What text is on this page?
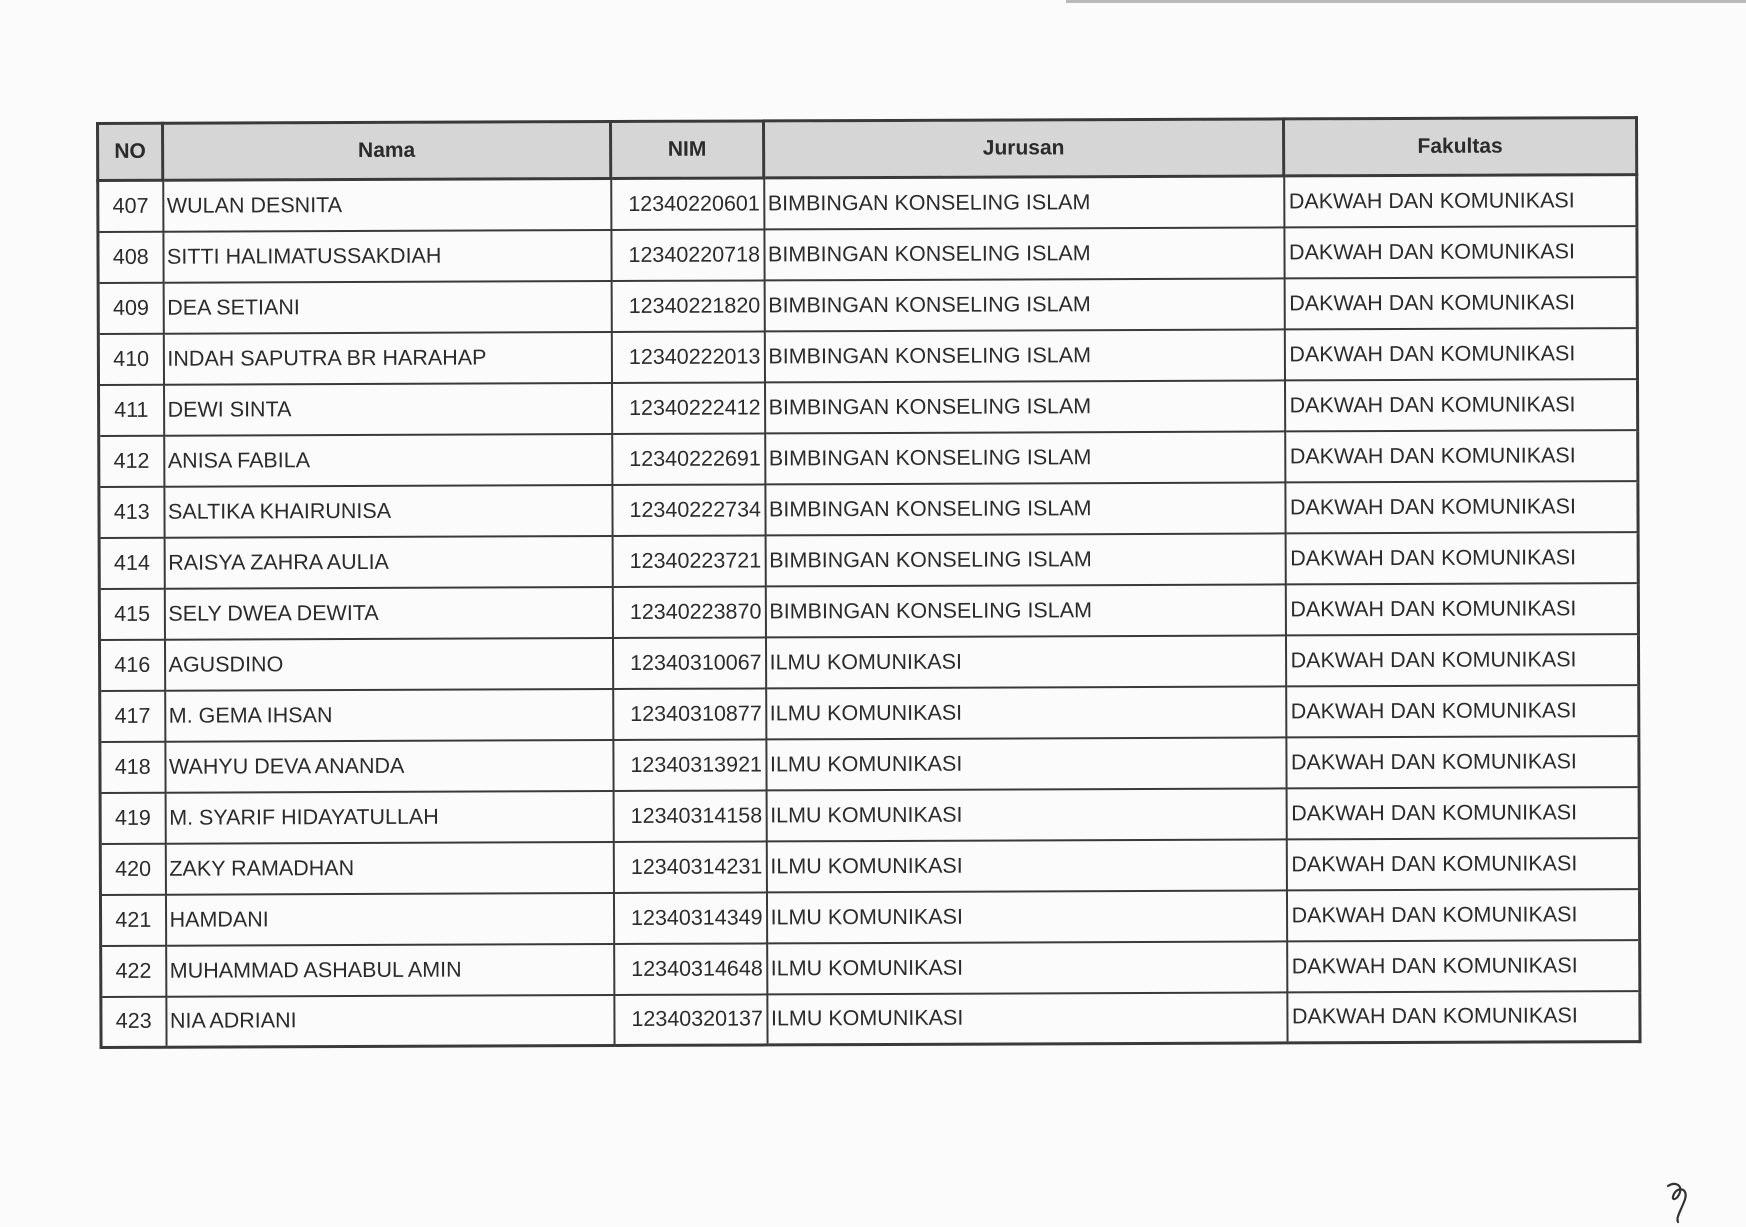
NO	Nama	NIM	Jurusan	Fakultas
407	WULAN DESNITA	12340220601	BIMBINGAN KONSELING ISLAM	DAKWAH DAN KOMUNIKASI
408	SITTI HALIMATUSSAKDIAH	12340220718	BIMBINGAN KONSELING ISLAM	DAKWAH DAN KOMUNIKASI
409	DEA SETIANI	12340221820	BIMBINGAN KONSELING ISLAM	DAKWAH DAN KOMUNIKASI
410	INDAH SAPUTRA BR HARAHAP	12340222013	BIMBINGAN KONSELING ISLAM	DAKWAH DAN KOMUNIKASI
411	DEWI SINTA	12340222412	BIMBINGAN KONSELING ISLAM	DAKWAH DAN KOMUNIKASI
412	ANISA FABILA	12340222691	BIMBINGAN KONSELING ISLAM	DAKWAH DAN KOMUNIKASI
413	SALTIKA KHAIRUNISA	12340222734	BIMBINGAN KONSELING ISLAM	DAKWAH DAN KOMUNIKASI
414	RAISYA ZAHRA AULIA	12340223721	BIMBINGAN KONSELING ISLAM	DAKWAH DAN KOMUNIKASI
415	SELY DWEA DEWITA	12340223870	BIMBINGAN KONSELING ISLAM	DAKWAH DAN KOMUNIKASI
416	AGUSDINO	12340310067	ILMU KOMUNIKASI	DAKWAH DAN KOMUNIKASI
417	M. GEMA IHSAN	12340310877	ILMU KOMUNIKASI	DAKWAH DAN KOMUNIKASI
418	WAHYU DEVA ANANDA	12340313921	ILMU KOMUNIKASI	DAKWAH DAN KOMUNIKASI
419	M. SYARIF HIDAYATULLAH	12340314158	ILMU KOMUNIKASI	DAKWAH DAN KOMUNIKASI
420	ZAKY RAMADHAN	12340314231	ILMU KOMUNIKASI	DAKWAH DAN KOMUNIKASI
421	HAMDANI	12340314349	ILMU KOMUNIKASI	DAKWAH DAN KOMUNIKASI
422	MUHAMMAD ASHABUL AMIN	12340314648	ILMU KOMUNIKASI	DAKWAH DAN KOMUNIKASI
423	NIA ADRIANI	12340320137	ILMU KOMUNIKASI	DAKWAH DAN KOMUNIKASI
